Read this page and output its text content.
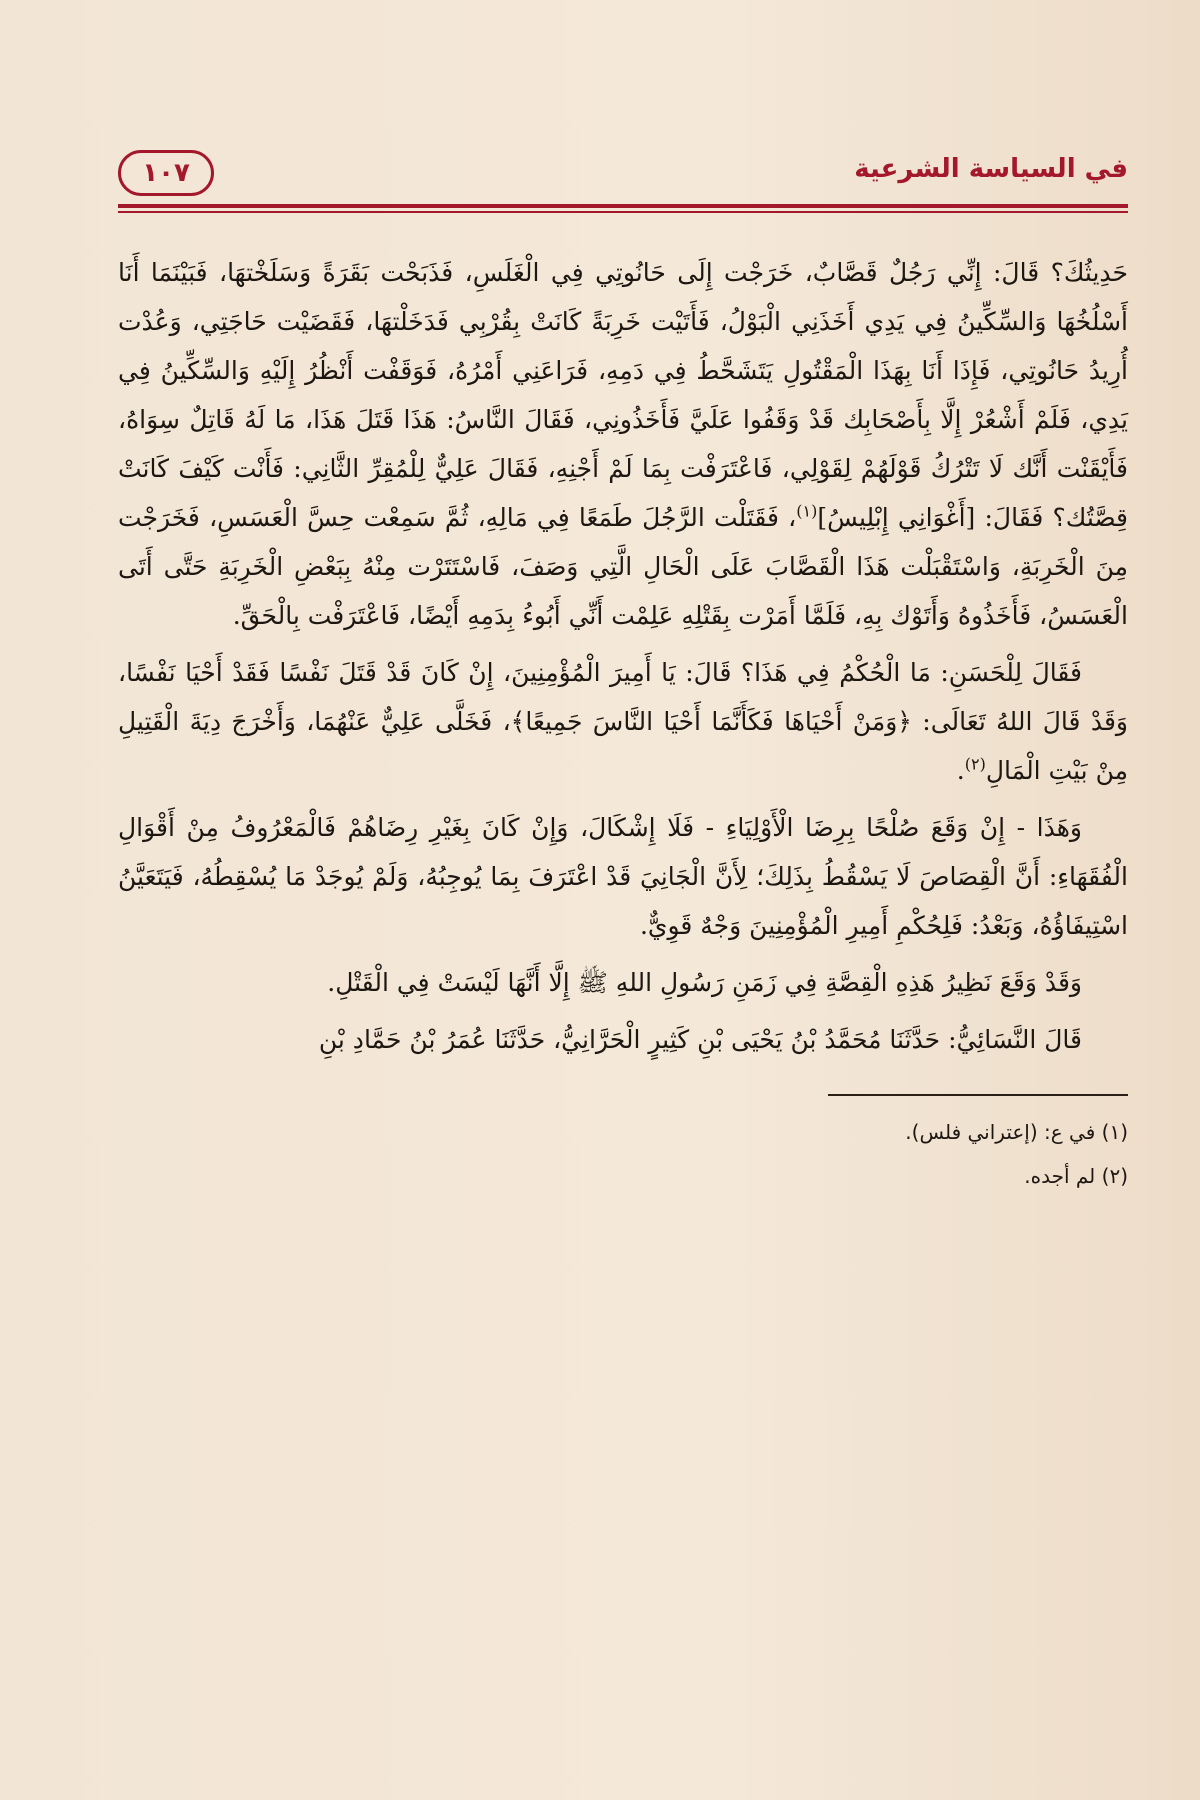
في السياسة الشرعية
١٠٧

حَدِيثُكَ؟ قَالَ: إِنِّي رَجُلٌ قَصَّابٌ، خَرَجْت إِلَى حَانُوتِي فِي الْغَلَسِ، فَذَبَحْت بَقَرَةً وَسَلَخْتهَا، فَبَيْنَمَا أَنَا أَسْلُخُهَا وَالسِّكِّينُ فِي يَدِي أَخَذَنِي الْبَوْلُ، فَأَتَيْت خَرِبَةً كَانَتْ بِقُرْبِي فَدَخَلْتهَا، فَقَضَيْت حَاجَتِي، وَعُدْت أُرِيدُ حَانُوتِي، فَإِذَا أَنَا بِهَذَا الْمَقْتُولِ يَتَشَحَّطُ فِي دَمِهِ، فَرَاعَنِي أَمْرُهُ، فَوَقَفْت أَنْظُرُ إِلَيْهِ وَالسِّكِّينُ فِي يَدِي، فَلَمْ أَشْعُرْ إِلَّا بِأَصْحَابِك قَدْ وَقَفُوا عَلَيَّ فَأَخَذُونِي، فَقَالَ النَّاسُ: هَذَا قَتَلَ هَذَا، مَا لَهُ قَاتِلٌ سِوَاهُ، فَأَيْقَنْت أَنَّك لَا تَتْرُكُ قَوْلَهُمْ لِقَوْلِي، فَاعْتَرَفْت بِمَا لَمْ أَجْنِهِ، فَقَالَ عَلِيٌّ لِلْمُقِرِّ الثَّانِي: فَأَنْت كَيْفَ كَانَتْ قِصَّتُك؟ فَقَالَ: [أَغْوَانِي إِبْلِيسُ]$^{(١)}$، فَقَتَلْت الرَّجُلَ طَمَعًا فِي مَالِهِ، ثُمَّ سَمِعْت حِسَّ الْعَسَسِ، فَخَرَجْت مِنَ الْخَرِبَةِ، وَاسْتَقْبَلْت هَذَا الْقَصَّابَ عَلَى الْحَالِ الَّتِي وَصَفَ، فَاسْتَتَرْت مِنْهُ بِبَعْضِ الْخَرِبَةِ حَتَّى أَتَى الْعَسَسُ، فَأَخَذُوهُ وَأَتَوْك بِهِ، فَلَمَّا أَمَرْت بِقَتْلِهِ عَلِمْت أَنِّي أَبُوءُ بِدَمِهِ أَيْضًا، فَاعْتَرَفْت بِالْحَقِّ.

فَقَالَ لِلْحَسَنِ: مَا الْحُكْمُ فِي هَذَا؟ قَالَ: يَا أَمِيرَ الْمُؤْمِنِينَ، إِنْ كَانَ قَدْ قَتَلَ نَفْسًا فَقَدْ أَحْيَا نَفْسًا، وَقَدْ قَالَ اللهُ تَعَالَى: ﴿وَمَنْ أَحْيَاهَا فَكَأَنَّمَا أَحْيَا النَّاسَ جَمِيعًا﴾، فَخَلَّى عَلِيٌّ عَنْهُمَا، وَأَخْرَجَ دِيَةَ الْقَتِيلِ مِنْ بَيْتِ الْمَالِ$^{(٢)}$.

وَهَذَا - إِنْ وَقَعَ صُلْحًا بِرِضَا الْأَوْلِيَاءِ - فَلَا إِشْكَالَ، وَإِنْ كَانَ بِغَيْرِ رِضَاهُمْ فَالْمَعْرُوفُ مِنْ أَقْوَالِ الْفُقَهَاءِ: أَنَّ الْقِصَاصَ لَا يَسْقُطُ بِذَلِكَ؛ لِأَنَّ الْجَانِيَ قَدْ اعْتَرَفَ بِمَا يُوجِبُهُ، وَلَمْ يُوجَدْ مَا يُسْقِطُهُ، فَيَتَعَيَّنُ اسْتِيفَاؤُهُ، وَبَعْدُ: فَلِحُكْمِ أَمِيرِ الْمُؤْمِنِينَ وَجْهٌ قَوِيٌّ.

وَقَدْ وَقَعَ نَظِيرُ هَذِهِ الْقِصَّةِ فِي زَمَنِ رَسُولِ اللهِ ﷺ إِلَّا أَنَّهَا لَيْسَتْ فِي الْقَتْلِ.

قَالَ النَّسَائِيُّ: حَدَّثَنَا مُحَمَّدُ بْنُ يَحْيَى بْنِ كَثِيرٍ الْحَرَّانِيُّ، حَدَّثَنَا عُمَرُ بْنُ حَمَّادِ بْنِ

(١) في ع: (إعتراني فلس).
(٢) لم أجده.
